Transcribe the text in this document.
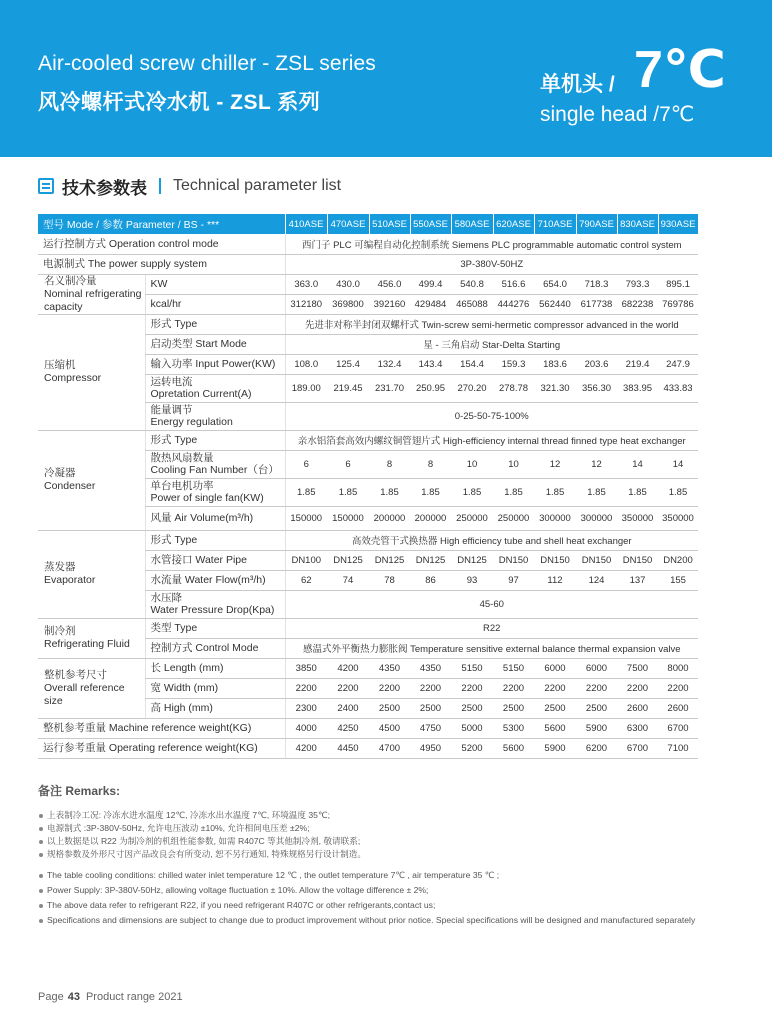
Air-cooled screw chiller - ZSL series
风冷螺杆式冷水机 - ZSL 系列
单机头 / 7℃
single head /7℃
技术参数表 Technical parameter list
型号 Mode / 参数 Parameter / BS - ***		410ASE	470ASE	510ASE	550ASE	580ASE	620ASE	710ASE	790ASE	830ASE	930ASE
运行控制方式 Operation control mode		西门子 PLC 可编程自动化控制系统 Siemens PLC programmable automatic control system									
电源制式 The power supply system		3P-380V-50HZ									

名义制冷量
Nominal refrigerating capacity	KW	363.0	430.0	456.0	499.4	540.8	516.6	654.0	718.3	793.3	895.1
	kcal/hr	312180	369800	392160	429484	465088	444276	562440	617738	682238	769786

压缩机
Compressor	形式 Type	先进非对称半封闭双螺杆式 Twin-screw semi-hermetic compressor advanced in the world									
	启动类型 Start Mode	星 - 三角启动 Star-Delta Starting									
	输入功率 Input Power(KW)	108.0	125.4	132.4	143.4	154.4	159.3	183.6	203.6	219.4	247.9

	运转电流
Opretation Current(A)	189.00	219.45	231.70	250.95	270.20	278.78	321.30	356.30	383.95	433.83

	能量调节
Energy regulation	0-25-50-75-100%									

冷凝器
Condenser	形式 Type	亲水铝箔套高效内螺纹铜管翅片式 High-efficiency internal thread finned type heat exchanger									

	散热风扇数量
Cooling Fan Number（台）	6	6	8	8	10	10	12	12	14	14

	单台电机功率
Power of single fan(KW)	1.85	1.85	1.85	1.85	1.85	1.85	1.85	1.85	1.85	1.85
	风量 Air Volume(m³/h)	150000	150000	200000	200000	250000	250000	300000	300000	350000	350000

蒸发器
Evaporator	形式 Type	高效壳管干式换热器 High efficiency tube and shell heat exchanger									
	水管接口 Water Pipe	DN100	DN125	DN125	DN125	DN125	DN150	DN150	DN150	DN150	DN200
	水流量 Water Flow(m³/h)	62	74	78	86	93	97	112	124	137	155

	水压降
Water Pressure Drop(Kpa)	45-60									

制冷剂
Refrigerating Fluid	类型 Type	R22									
	控制方式 Control Mode	感温式外平衡热力膨胀阀 Temperature sensitive external balance thermal expansion valve									

整机参考尺寸
Overall reference size	长 Length (mm)	3850	4200	4350	4350	5150	5150	6000	6000	7500	8000
	宽 Width (mm)	2200	2200	2200	2200	2200	2200	2200	2200	2200	2200
	高 High (mm)	2300	2400	2500	2500	2500	2500	2500	2500	2600	2600
整机参考重量 Machine reference weight(KG)		4000	4250	4500	4750	5000	5300	5600	5900	6300	6700
运行参考重量 Operating reference weight(KG)		4200	4450	4700	4950	5200	5600	5900	6200	6700	7100
备注 Remarks:
上表制冷工况: 冷冻水进水温度 12℃, 冷冻水出水温度 7℃, 环境温度 35℃;
电源制式 :3P-380V-50Hz, 允许电压波动 ±10%, 允许相间电压差 ±2%;
以上数据是以 R22 为制冷剂的机组性能参数, 如需 R407C 等其他制冷剂, 敬请联系;
规格参数及外形尺寸因产品改良会有所变动, 恕不另行通知, 特殊规格另行设计制造。
The table cooling conditions: chilled water inlet temperature 12 ℃ , the outlet temperature 7℃ , air temperature 35 ℃ ;
Power Supply: 3P-380V-50Hz, allowing voltage fluctuation ± 10%. Allow the voltage difference ± 2%;
The above data refer to refrigerant R22, if you need refrigerant R407C or other refrigerants,contact us;
Specifications and dimensions are subject to change due to product improvement without prior notice. Special specifications will be designed and manufactured separately
Page 43 Product range 2021
